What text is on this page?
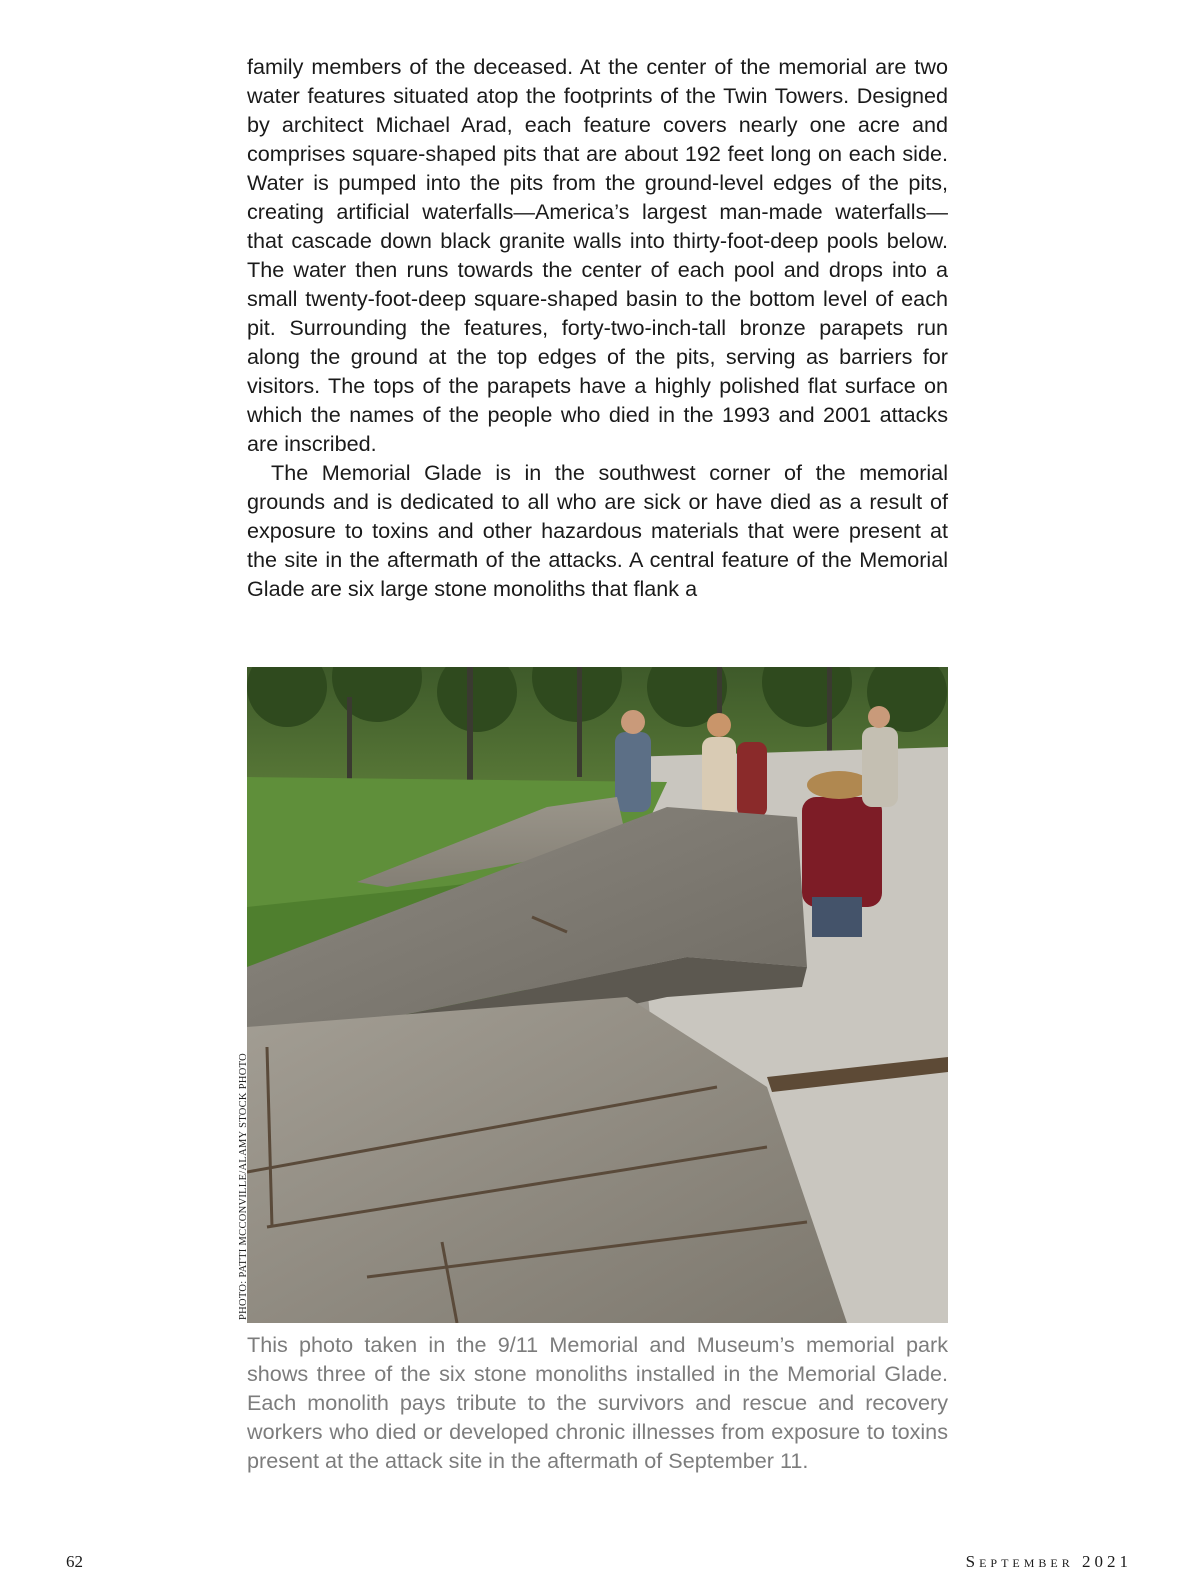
family members of the deceased. At the center of the memorial are two water features situated atop the footprints of the Twin Towers. Designed by architect Michael Arad, each feature covers nearly one acre and comprises square-shaped pits that are about 192 feet long on each side. Water is pumped into the pits from the ground-level edges of the pits, creating artificial waterfalls—America’s largest man-made waterfalls—that cascade down black granite walls into thirty-foot-deep pools below. The water then runs towards the center of each pool and drops into a small twenty-foot-deep square-shaped basin to the bottom level of each pit. Surrounding the features, forty-two-inch-tall bronze parapets run along the ground at the top edges of the pits, serving as barriers for visitors. The tops of the parapets have a highly polished flat surface on which the names of the people who died in the 1993 and 2001 attacks are inscribed.

The Memorial Glade is in the southwest corner of the memorial grounds and is dedicated to all who are sick or have died as a result of exposure to toxins and other hazardous materials that were present at the site in the aftermath of the attacks. A central feature of the Memorial Glade are six large stone monoliths that flank a

PHOTO: PATTI MCCONVILLE/ALAMY STOCK PHOTO
This photo taken in the 9/11 Memorial and Museum’s memorial park shows three of the six stone monoliths installed in the Memorial Glade. Each monolith pays tribute to the survivors and rescue and recovery workers who died or developed chronic illnesses from exposure to toxins present at the attack site in the aftermath of September 11.
62	September 2021
